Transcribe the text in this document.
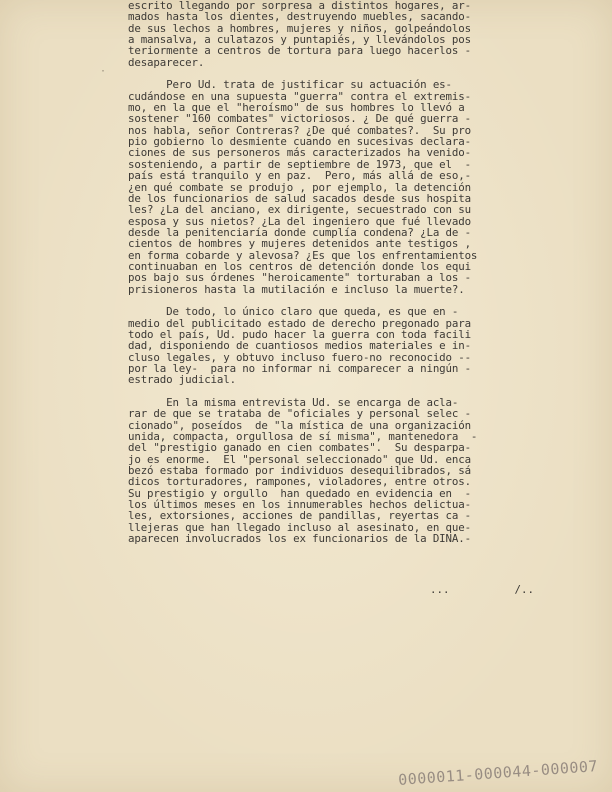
escrito llegando por sorpresa a distintos hogares, ar-
mados hasta los dientes, destruyendo muebles, sacando-
de sus lechos a hombres, mujeres y niños, golpeándolos
a mansalva, a culatazos y puntapiés, y llevándolos pos
teriormente a centros de tortura para luego hacerlos -
desaparecer.
Pero Ud. trata de justificar su actuación es-
cudándose en una supuesta "guerra" contra el extremis-
mo, en la que el "heroísmo" de sus hombres lo llevó a
sostener "160 combates" victoriosos. ¿ De qué guerra -
nos habla, señor Contreras? ¿De qué combates?.  Su pro
pio gobierno lo desmiente cuando en sucesivas declara-
ciones de sus personeros más caracterizados ha venido-
sosteniendo, a partir de septiembre de 1973, que el  -
país está tranquilo y en paz.  Pero, más allá de eso,-
¿en qué combate se produjo , por ejemplo, la detención
de los funcionarios de salud sacados desde sus hospita
les? ¿La del anciano, ex dirigente, secuestrado con su
esposa y sus nietos? ¿La del ingeniero que fué llevado
desde la penitenciaría donde cumplía condena? ¿La de -
cientos de hombres y mujeres detenidos ante testigos ,
en forma cobarde y alevosa? ¿Es que los enfrentamientos
continuaban en los centros de detención donde los equi
pos bajo sus órdenes "heroicamente" torturaban a los -
prisioneros hasta la mutilación e incluso la muerte?.
De todo, lo único claro que queda, es que en -
medio del publicitado estado de derecho pregonado para
todo el país, Ud. pudo hacer la guerra con toda facili
dad, disponiendo de cuantiosos medios materiales e in-
cluso legales, y obtuvo incluso fuero-no reconocido --
por la ley-  para no informar ni comparecer a ningún -
estrado judicial.
En la misma entrevista Ud. se encarga de acla-
rar de que se trataba de "oficiales y personal selec -
cionado", poseídos  de "la mística de una organización
unida, compacta, orgullosa de sí misma", mantenedora  -
del "prestigio ganado en cien combates".  Su desparpa-
jo es enorme.  El "personal seleccionado" que Ud. enca
bezó estaba formado por individuos desequilibrados, sá
dicos torturadores, rampones, violadores, entre otros.
Su prestigio y orgullo  han quedado en evidencia en  -
los últimos meses en los innumerables hechos delictua-
les, extorsiones, acciones de pandillas, reyertas ca -
llejeras que han llegado incluso al asesinato, en que-
aparecen involucrados los ex funcionarios de la DINA.-
...          /..
0000011-000044-000007
·
